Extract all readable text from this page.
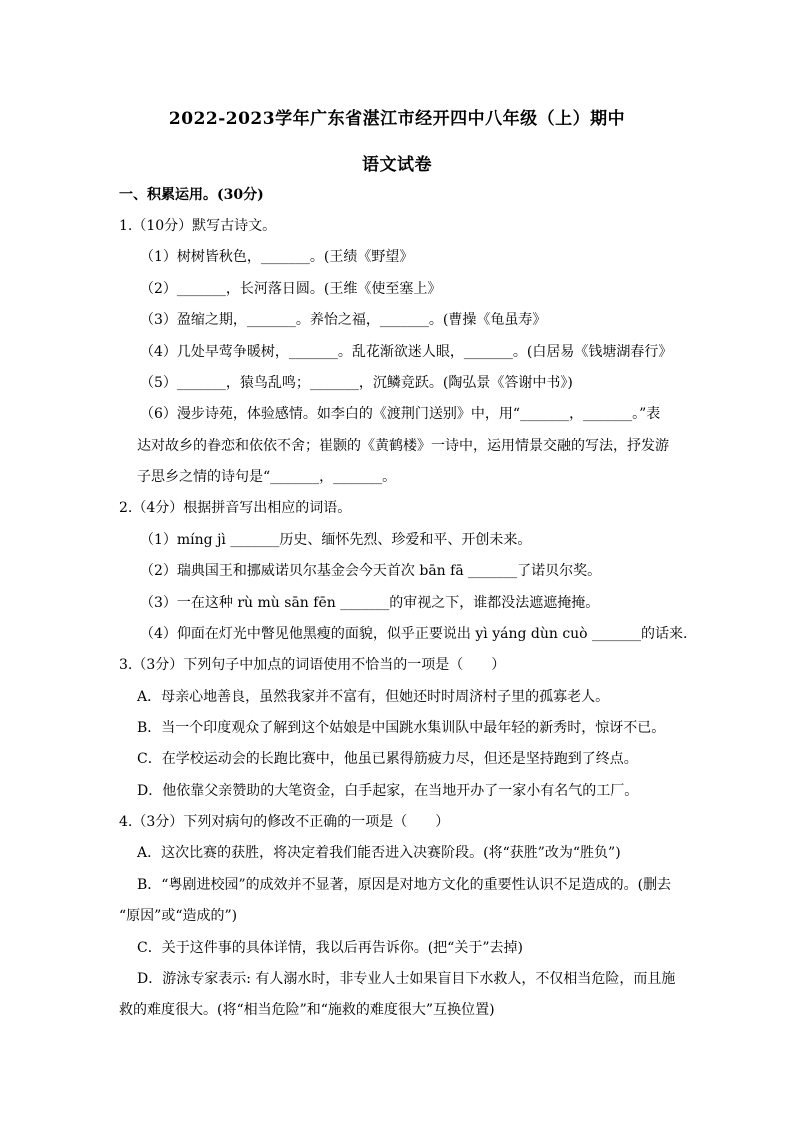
2022-2023学年广东省湛江市经开四中八年级（上）期中
语文试卷
一、积累运用。(30分)
1.（10分）默写古诗文。
（1）树树皆秋色，_______。(王绩《野望》
（2）_______，长河落日圆。(王维《使至塞上》
（3）盈缩之期，_______。养怡之福，_______。(曹操《龟虽寿》
（4）几处早莺争暖树，_______。乱花渐欲迷人眼，_______。(白居易《钱塘湖春行》
（5）_______，猿鸟乱鸣；_______，沉鳞竞跃。(陶弘景《答谢中书》)
（6）漫步诗苑，体验感情。如李白的《渡荆门送别》中，用“_______，_______。”表
达对故乡的眷恋和依依不舍；崔颢的《黄鹤楼》一诗中，运用情景交融的写法，抒发游
子思乡之情的诗句是“_______，_______。
2.（4分）根据拼音写出相应的词语。
（1）míng jì _______历史、缅怀先烈、珍爱和平、开创未来。
（2）瑞典国王和挪威诺贝尔基金会今天首次 bān fā _______了诺贝尔奖。
（3）一在这种 rù mù sān fēn _______的审视之下，谁都没法遮遮掩掩。
（4）仰面在灯光中瞥见他黑瘦的面貌，似乎正要说出 yì yáng dùn cuò _______的话来.
3.（3分）下列句子中加点的词语使用不恰当的一项是（　　）
A．母亲心地善良，虽然我家并不富有，但她还时时周济村子里的孤寡老人。
B．当一个印度观众了解到这个姑娘是中国跳水集训队中最年轻的新秀时，惊讶不已。
C．在学校运动会的长跑比赛中，他虽已累得筋疲力尽，但还是坚持跑到了终点。
D．他依靠父亲赞助的大笔资金，白手起家，在当地开办了一家小有名气的工厂。
4.（3分）下列对病句的修改不正确的一项是（　　）
A．这次比赛的获胜，将决定着我们能否进入决赛阶段。(将“获胜”改为“胜负”)
B．“粤剧进校园”的成效并不显著，原因是对地方文化的重要性认识不足造成的。(删去
“原因”或“造成的”)
C．关于这件事的具体详情，我以后再告诉你。(把“关于”去掉)
D．游泳专家表示: 有人溺水时，非专业人士如果盲目下水救人，不仅相当危险，而且施
救的难度很大。(将“相当危险”和“施救的难度很大”互换位置)
